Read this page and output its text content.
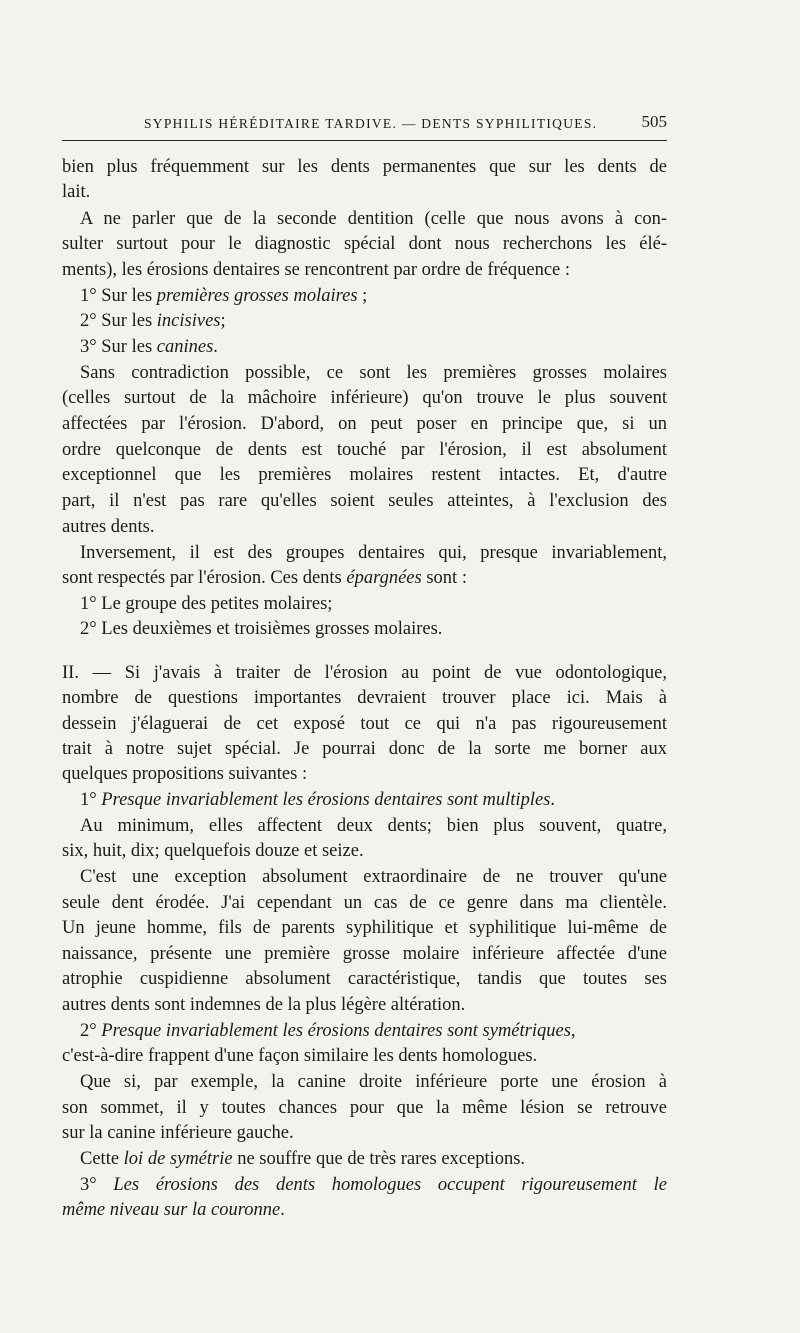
SYPHILIS HÉRÉDITAIRE TARDIVE. — DENTS SYPHILITIQUES.	505
bien plus fréquemment sur les dents permanentes que sur les dents de
lait.
A ne parler que de la seconde dentition (celle que nous avons à con-
sulter surtout pour le diagnostic spécial dont nous recherchons les élé-
ments), les érosions dentaires se rencontrent par ordre de fréquence :
1° Sur les premières grosses molaires ;
2° Sur les incisives;
3° Sur les canines.
Sans contradiction possible, ce sont les premières grosses molaires
(celles surtout de la mâchoire inférieure) qu'on trouve le plus souvent
affectées par l'érosion. D'abord, on peut poser en principe que, si un
ordre quelconque de dents est touché par l'érosion, il est absolument
exceptionnel que les premières molaires restent intactes. Et, d'autre
part, il n'est pas rare qu'elles soient seules atteintes, à l'exclusion des
autres dents.
Inversement, il est des groupes dentaires qui, presque invariablement,
sont respectés par l'érosion. Ces dents épargnées sont :
1° Le groupe des petites molaires;
2° Les deuxièmes et troisièmes grosses molaires.
II. — Si j'avais à traiter de l'érosion au point de vue odontologique,
nombre de questions importantes devraient trouver place ici. Mais à
dessein j'élaguerai de cet exposé tout ce qui n'a pas rigoureusement
trait à notre sujet spécial. Je pourrai donc de la sorte me borner aux
quelques propositions suivantes :
1° Presque invariablement les érosions dentaires sont multiples.
Au minimum, elles affectent deux dents; bien plus souvent, quatre,
six, huit, dix; quelquefois douze et seize.
C'est une exception absolument extraordinaire de ne trouver qu'une
seule dent érodée. J'ai cependant un cas de ce genre dans ma clientèle.
Un jeune homme, fils de parents syphilitique et syphilitique lui-même de
naissance, présente une première grosse molaire inférieure affectée d'une
atrophie cuspidienne absolument caractéristique, tandis que toutes ses
autres dents sont indemnes de la plus légère altération.
2° Presque invariablement les érosions dentaires sont symétriques,
c'est-à-dire frappent d'une façon similaire les dents homologues.
Que si, par exemple, la canine droite inférieure porte une érosion à
son sommet, il y toutes chances pour que la même lésion se retrouve
sur la canine inférieure gauche.
Cette loi de symétrie ne souffre que de très rares exceptions.
3° Les érosions des dents homologues occupent rigoureusement le
même niveau sur la couronne.
